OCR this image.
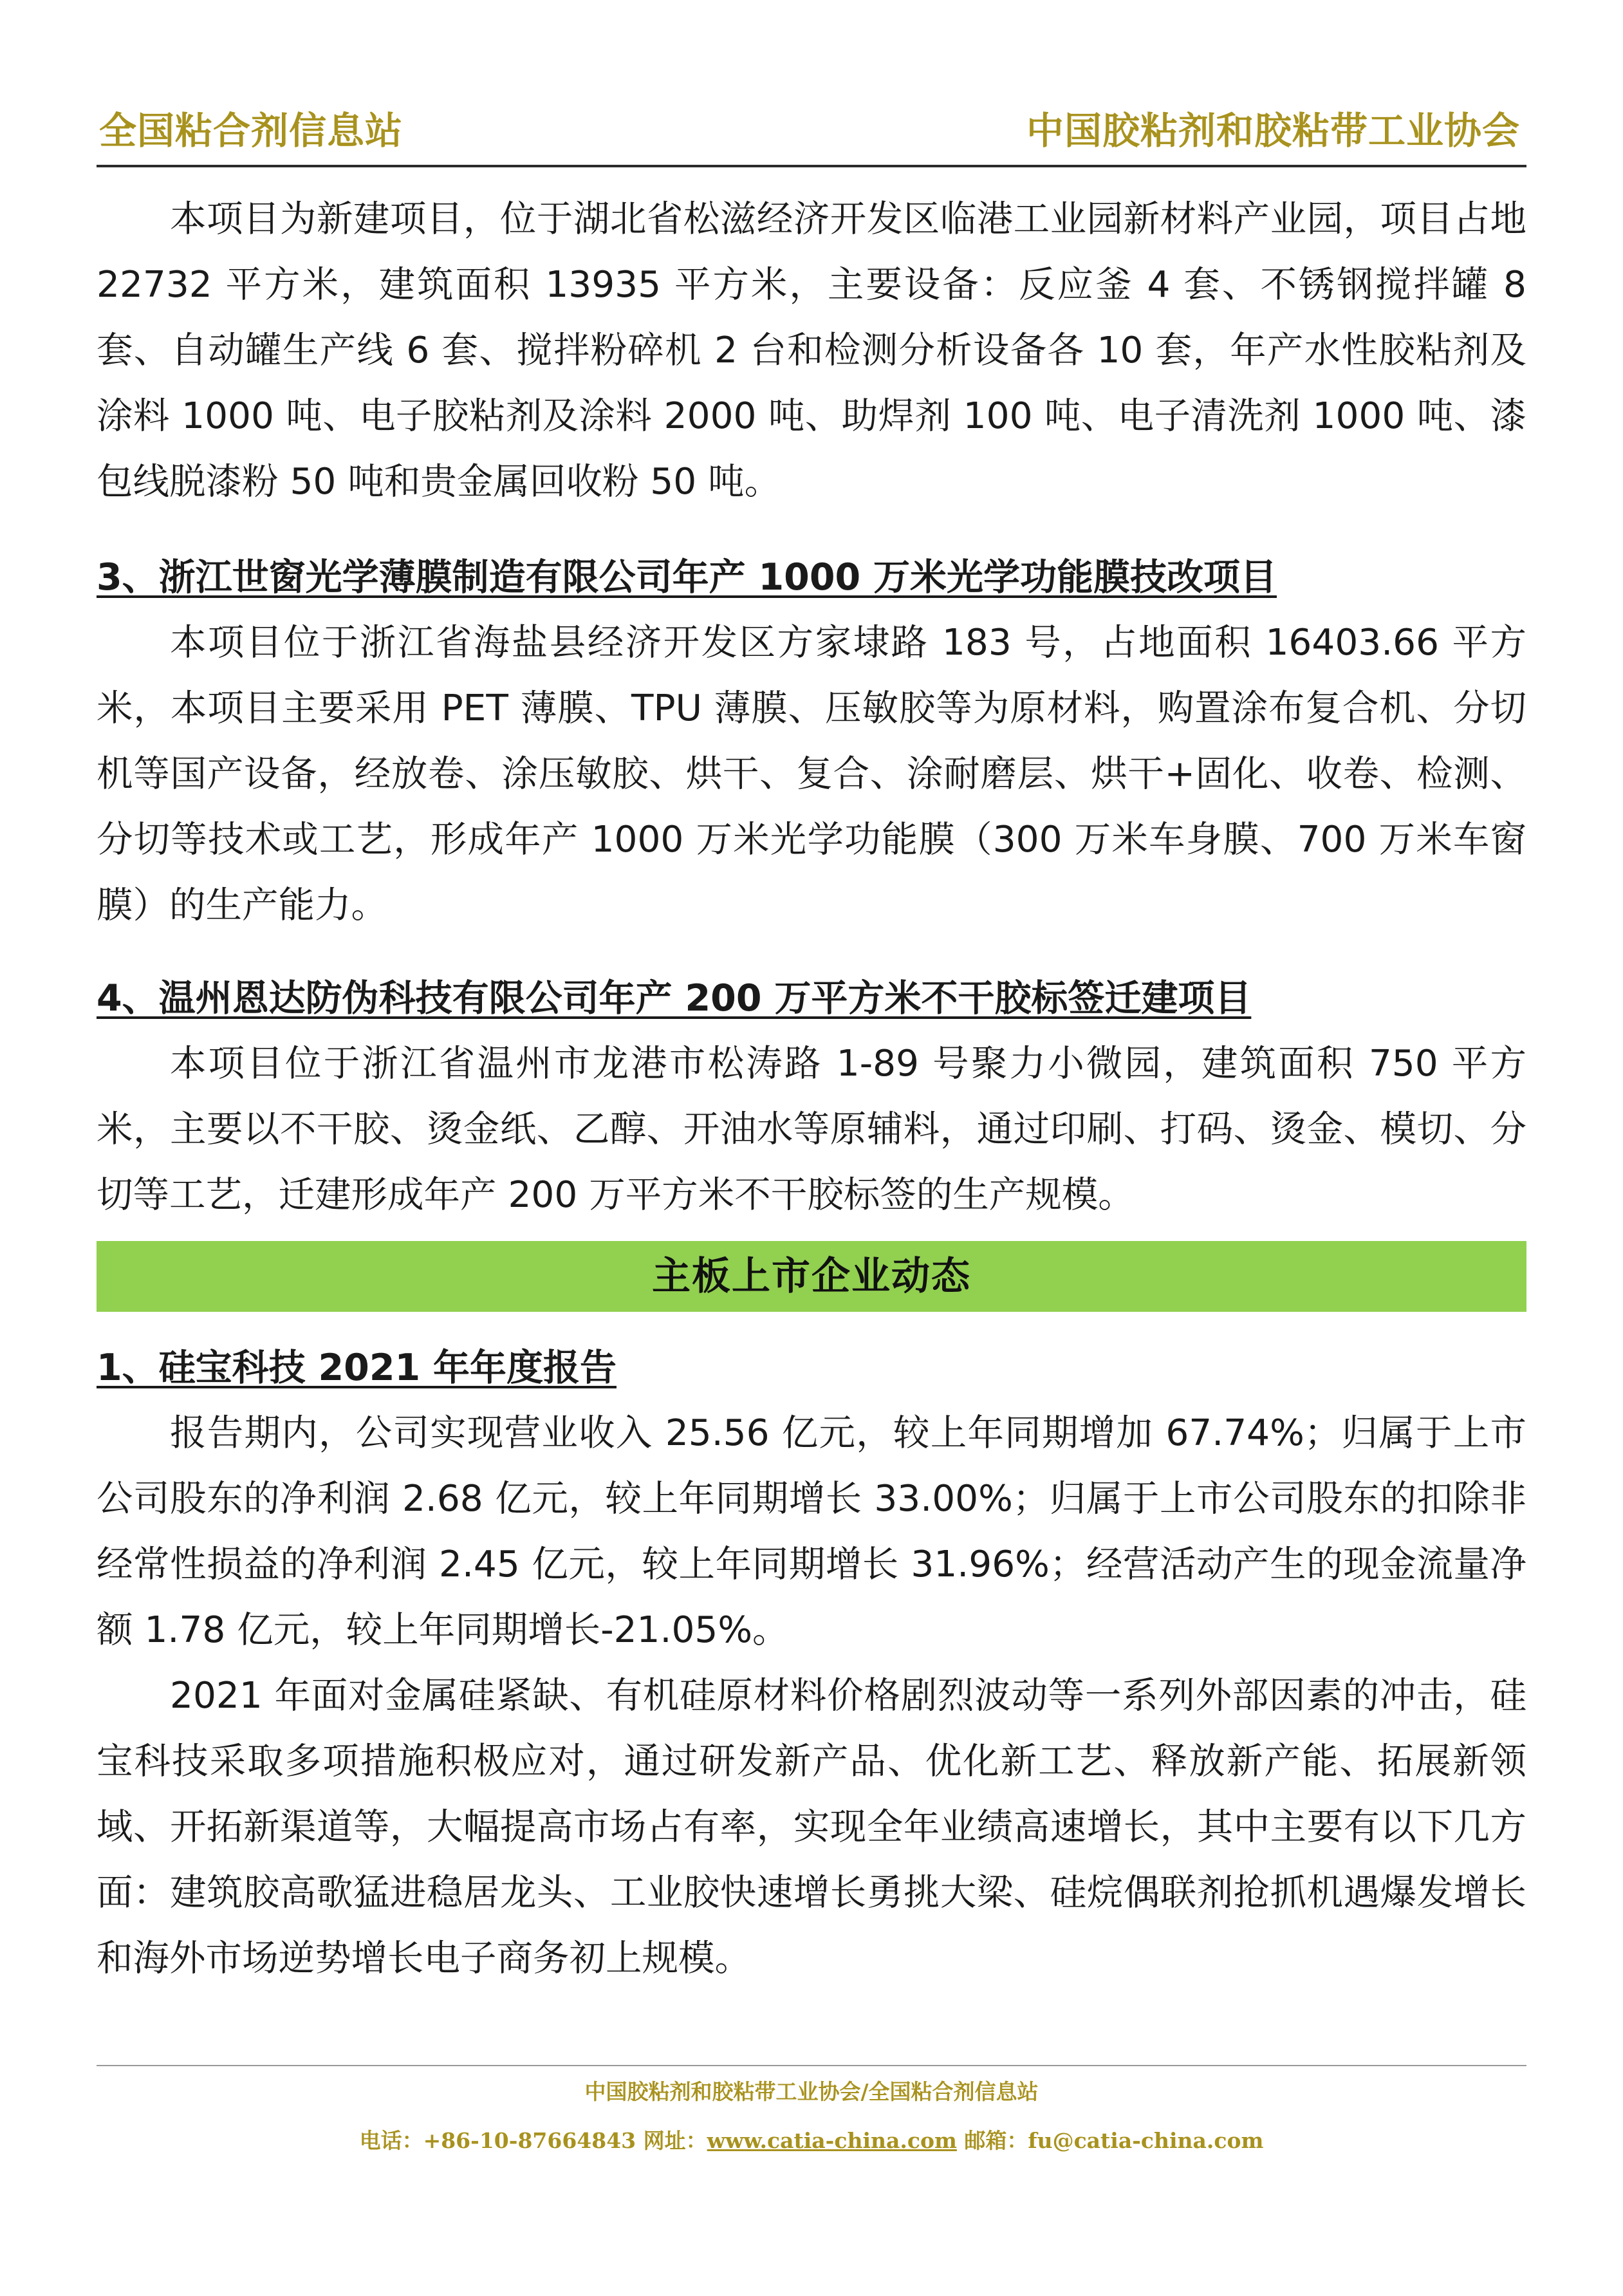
全国粘合剂信息站	中国胶粘剂和胶粘带工业协会

本项目为新建项目，位于湖北省松滋经济开发区临港工业园新材料产业园，项目占地 22732 平方米，建筑面积 13935 平方米，主要设备：反应釜 4 套、不锈钢搅拌罐 8 套、自动罐生产线 6 套、搅拌粉碎机 2 台和检测分析设备各 10 套，年产水性胶粘剂及涂料 1000 吨、电子胶粘剂及涂料 2000 吨、助焊剂 100 吨、电子清洗剂 1000 吨、漆包线脱漆粉 50 吨和贵金属回收粉 50 吨。

3、浙江世窗光学薄膜制造有限公司年产 1000 万米光学功能膜技改项目

本项目位于浙江省海盐县经济开发区方家埭路 183 号，占地面积 16403.66 平方米，本项目主要采用 PET 薄膜、TPU 薄膜、压敏胶等为原材料，购置涂布复合机、分切机等国产设备，经放卷、涂压敏胶、烘干、复合、涂耐磨层、烘干+固化、收卷、检测、分切等技术或工艺，形成年产 1000 万米光学功能膜（300 万米车身膜、700 万米车窗膜）的生产能力。

4、温州恩达防伪科技有限公司年产 200 万平方米不干胶标签迁建项目

本项目位于浙江省温州市龙港市松涛路 1-89 号聚力小微园，建筑面积 750 平方米，主要以不干胶、烫金纸、乙醇、开油水等原辅料，通过印刷、打码、烫金、模切、分切等工艺，迁建形成年产 200 万平方米不干胶标签的生产规模。

主板上市企业动态

1、硅宝科技 2021 年年度报告

报告期内，公司实现营业收入 25.56 亿元，较上年同期增加 67.74%；归属于上市公司股东的净利润 2.68 亿元，较上年同期增长 33.00%；归属于上市公司股东的扣除非经常性损益的净利润 2.45 亿元，较上年同期增长 31.96%；经营活动产生的现金流量净额 1.78 亿元，较上年同期增长-21.05%。

2021 年面对金属硅紧缺、有机硅原材料价格剧烈波动等一系列外部因素的冲击，硅宝科技采取多项措施积极应对，通过研发新产品、优化新工艺、释放新产能、拓展新领域、开拓新渠道等，大幅提高市场占有率，实现全年业绩高速增长，其中主要有以下几方面：建筑胶高歌猛进稳居龙头、工业胶快速增长勇挑大梁、硅烷偶联剂抢抓机遇爆发增长和海外市场逆势增长电子商务初上规模。

中国胶粘剂和胶粘带工业协会/全国粘合剂信息站
电话：+86-10-87664843 网址：www.catia-china.com 邮箱：fu@catia-china.com
